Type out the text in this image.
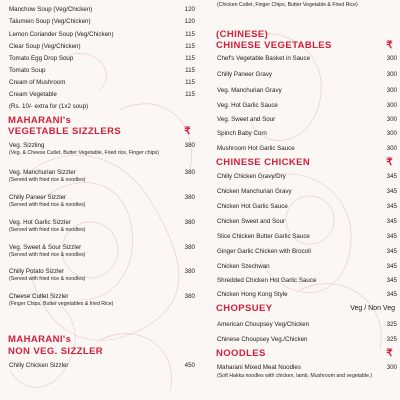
Manchow Soup (Veg/Chicken)	120
Talumein Soup (Veg/Chicken)	120
Lemon Coriander Soup (Veg/Chicken)	115
Clear Soup (Veg/Chicken)	115
Tomato Egg Drop Soup	115
Tomato Soup	115
Cream of Mushroom	115
Cream Vegetable	115
(Rs. 10/- extra for (1x2 soup)
MAHARANI's
VEGETABLE SIZZLERS	₹
Veg. Sizzling	380
(Veg. & Cheese Cutlet, Butter Vegetable, Fried rice, Finger chips)
Veg. Manchurian Sizzler	380
(Served with fried rice & noodles)
Chilly Paneer Sizzler	380
(Served with fried rice & noodles)
Veg. Hot Garlic Sizzler	380
(Served with fried rice & noodles)
Veg. Sweet & Sour Sizzler	380
(Served with fried rice & noodles)
Chilly Potato Sizzler	380
(Served with fried rice & noodles)
Cheese Cutlet Sizzler	380
(Finger Chips, Butter vegetables & fried Rice)
MAHARANI's
NON VEG. SIZZLER
Chilly Chicken Sizzler	450
(Chicken Cutlet, Finger Chips, Butter Vegetable & Fried Rice)
(CHINESE)
CHINESE VEGETABLES	₹
Chef's Vegetable Basket in Sauce	300
Chilly Paneer Gravy	300
Veg. Manchurian Gravy	300
Veg. Hot Garlic Sauce	300
Veg. Sweet and Sour	300
Spinch Baby Corn	300
Mushroom Hot Garlic Sauce	300
CHINESE CHICKEN	₹
Chilly Chicken Gravy/Dry	345
Chicken Manchurian Gravy	345
Chicken Hot Garlic Sauce	345
Chicken Sweet and Sour	345
Slice Chicken Butter Garlic Sauce	345
Ginger Garlic Chicken with Brocoli	345
Chicken Szechwan	345
Shredded Chicken Hot Garlic Sauce	345
Chicken Hong Kong Style	345
CHOPSUEY	Veg / Non Veg
American Choupsey Veg/Chicken	325
Chinese Choupsey Veg./Chicken	325
NOODLES	₹
Maharani Mixed Meat Noodles	300
(Soft Hakka noodles with chicken, lamb, Mushroom and vegetable.)
